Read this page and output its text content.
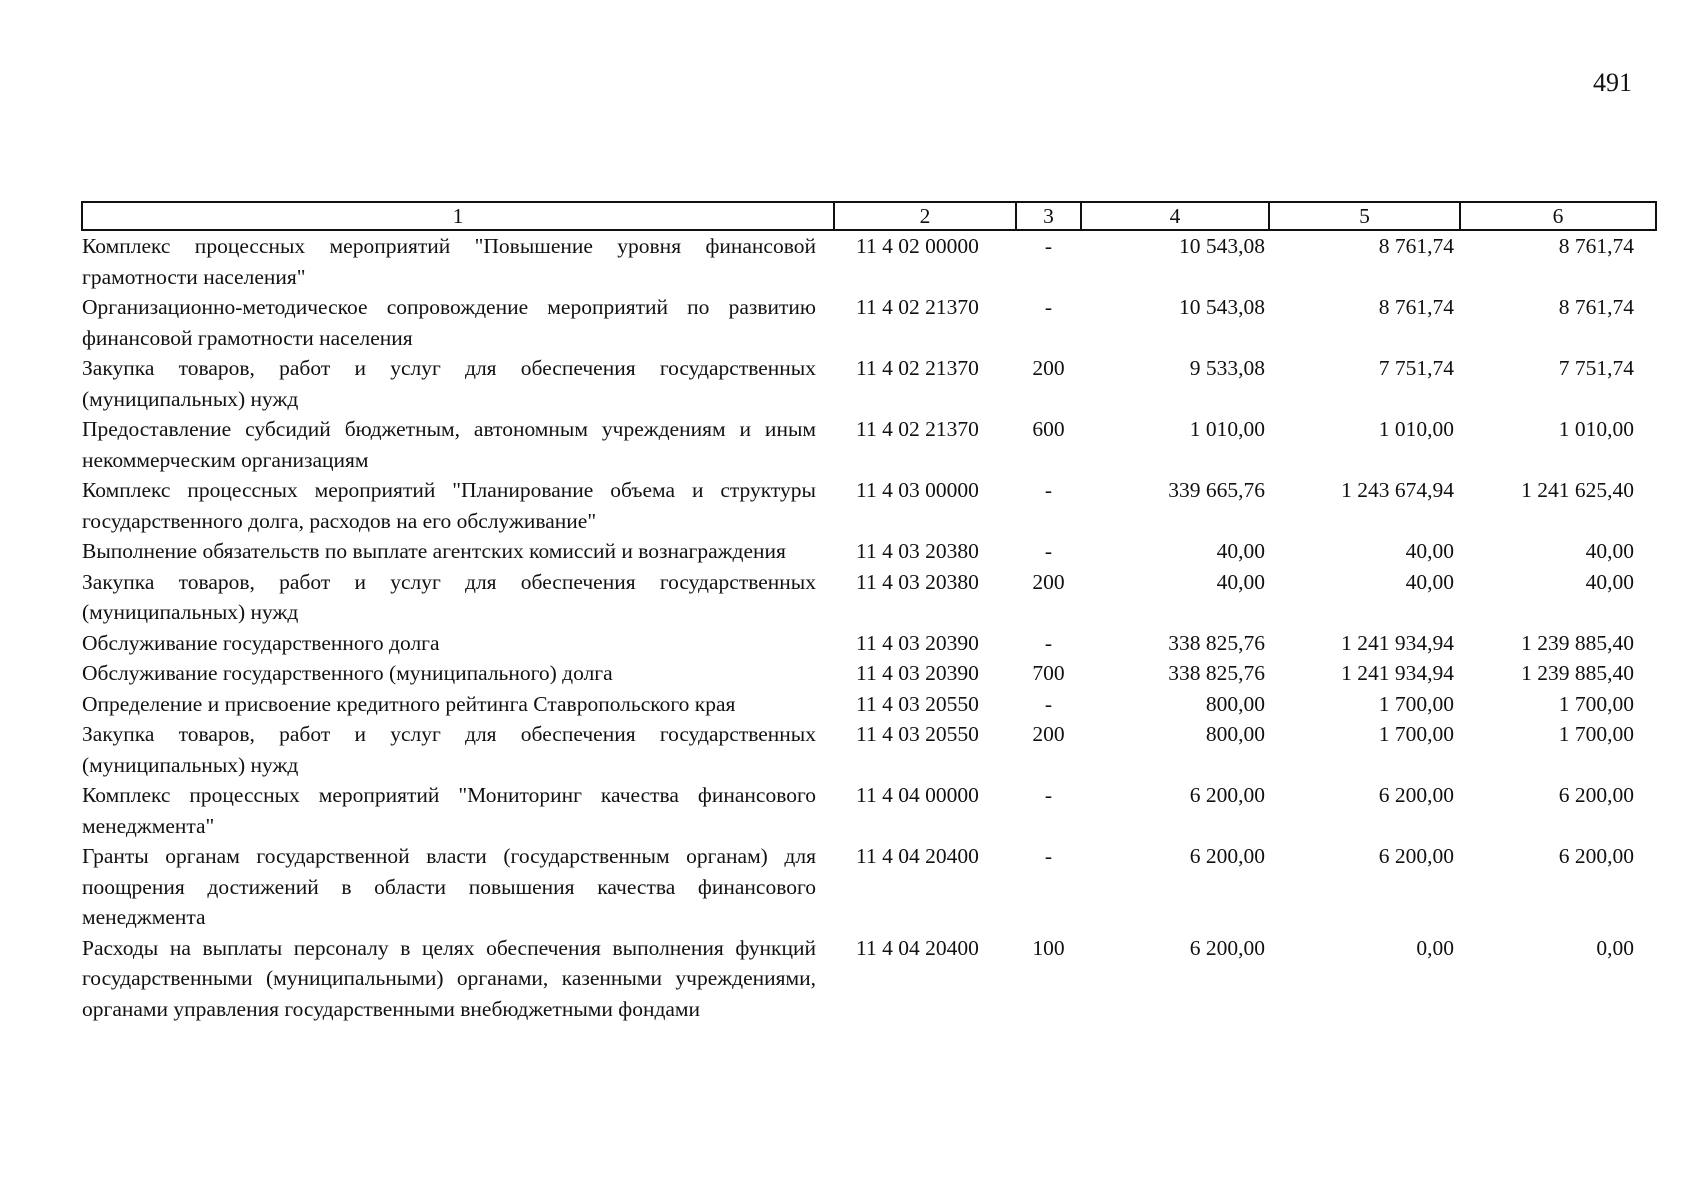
491
1	2	3	4	5	6
Комплекс процессных мероприятий "Повышение уровня финансовой грамотности населения"	11 4 02 00000	-	10 543,08	8 761,74	8 761,74
Организационно-методическое сопровождение мероприятий по развитию финансовой грамотности населения	11 4 02 21370	-	10 543,08	8 761,74	8 761,74
Закупка товаров, работ и услуг для обеспечения государственных (муниципальных) нужд	11 4 02 21370	200	9 533,08	7 751,74	7 751,74
Предоставление субсидий бюджетным, автономным учреждениям и иным некоммерческим организациям	11 4 02 21370	600	1 010,00	1 010,00	1 010,00
Комплекс процессных мероприятий "Планирование объема и структуры государственного долга, расходов на его обслуживание"	11 4 03 00000	-	339 665,76	1 243 674,94	1 241 625,40
Выполнение обязательств по выплате агентских комиссий и вознаграждения	11 4 03 20380	-	40,00	40,00	40,00
Закупка товаров, работ и услуг для обеспечения государственных (муниципальных) нужд	11 4 03 20380	200	40,00	40,00	40,00
Обслуживание государственного долга	11 4 03 20390	-	338 825,76	1 241 934,94	1 239 885,40
Обслуживание государственного (муниципального) долга	11 4 03 20390	700	338 825,76	1 241 934,94	1 239 885,40
Определение и присвоение кредитного рейтинга Ставропольского края	11 4 03 20550	-	800,00	1 700,00	1 700,00
Закупка товаров, работ и услуг для обеспечения государственных (муниципальных) нужд	11 4 03 20550	200	800,00	1 700,00	1 700,00
Комплекс процессных мероприятий "Мониторинг качества финансового менеджмента"	11 4 04 00000	-	6 200,00	6 200,00	6 200,00
Гранты органам государственной власти (государственным органам) для поощрения достижений в области повышения качества финансового менеджмента	11 4 04 20400	-	6 200,00	6 200,00	6 200,00
Расходы на выплаты персоналу в целях обеспечения выполнения функций государственными (муниципальными) органами, казенными учреждениями, органами управления государственными внебюджетными фондами	11 4 04 20400	100	6 200,00	0,00	0,00
